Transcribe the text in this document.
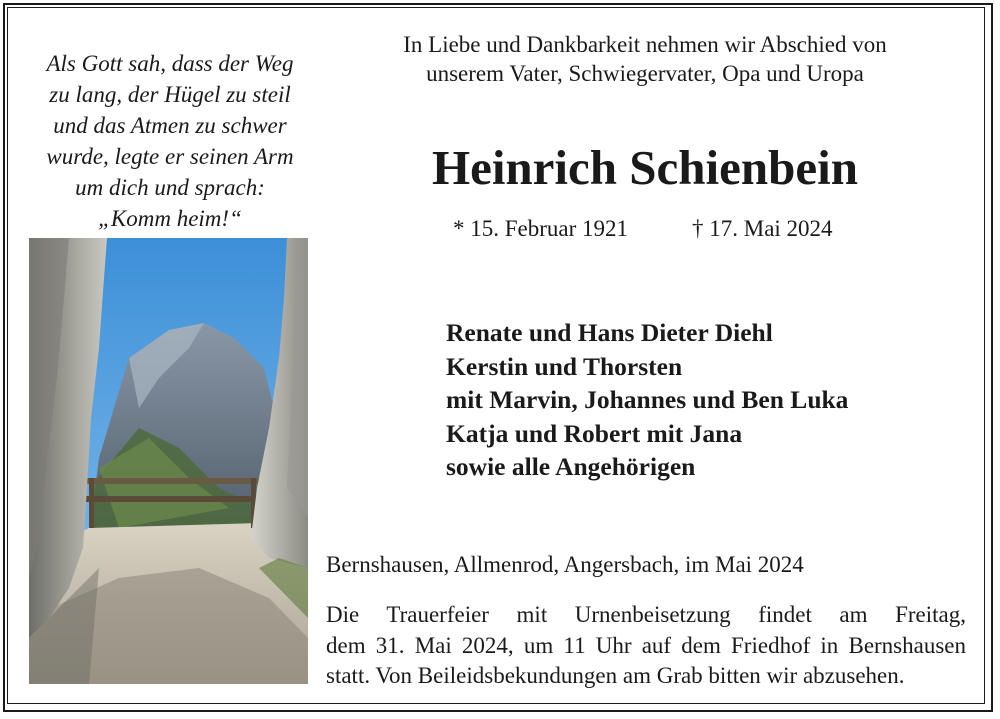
Als Gott sah, dass der Weg
zu lang, der Hügel zu steil
und das Atmen zu schwer
wurde, legte er seinen Arm
um dich und sprach:
„Komm heim!“
In Liebe und Dankbarkeit nehmen wir Abschied von
unserem Vater, Schwiegervater, Opa und Uropa
Heinrich Schienbein
* 15. Februar 1921	† 17. Mai 2024
Renate und Hans Dieter Diehl
Kerstin und Thorsten
mit Marvin, Johannes und Ben Luka
Katja und Robert mit Jana
sowie alle Angehörigen
Bernshausen, Allmenrod, Angersbach, im Mai 2024
Die Trauerfeier mit Urnenbeisetzung findet am Freitag,
dem 31. Mai 2024, um 11 Uhr auf dem Friedhof in Bernshausen
statt. Von Beileidsbekundungen am Grab bitten wir abzusehen.
